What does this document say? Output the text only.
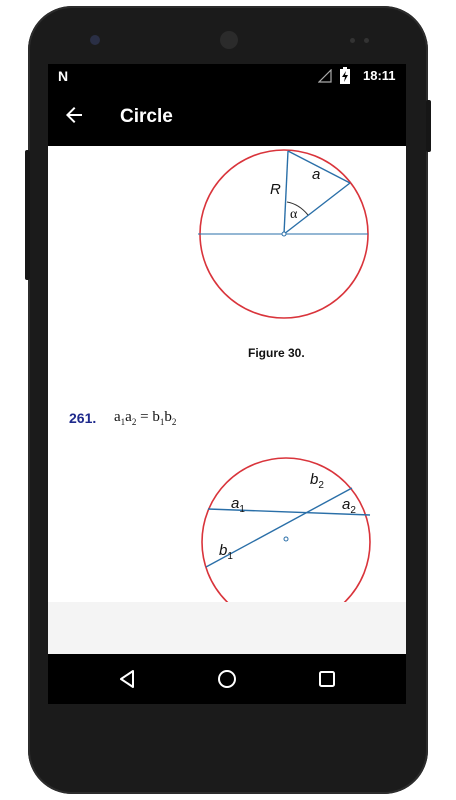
N	18:11
Circle
R
a
α
Figure 30.
261. $a_1a_2 = b_1b_2$
$a_1$
$b_2$
$a_2$
$b_1$
